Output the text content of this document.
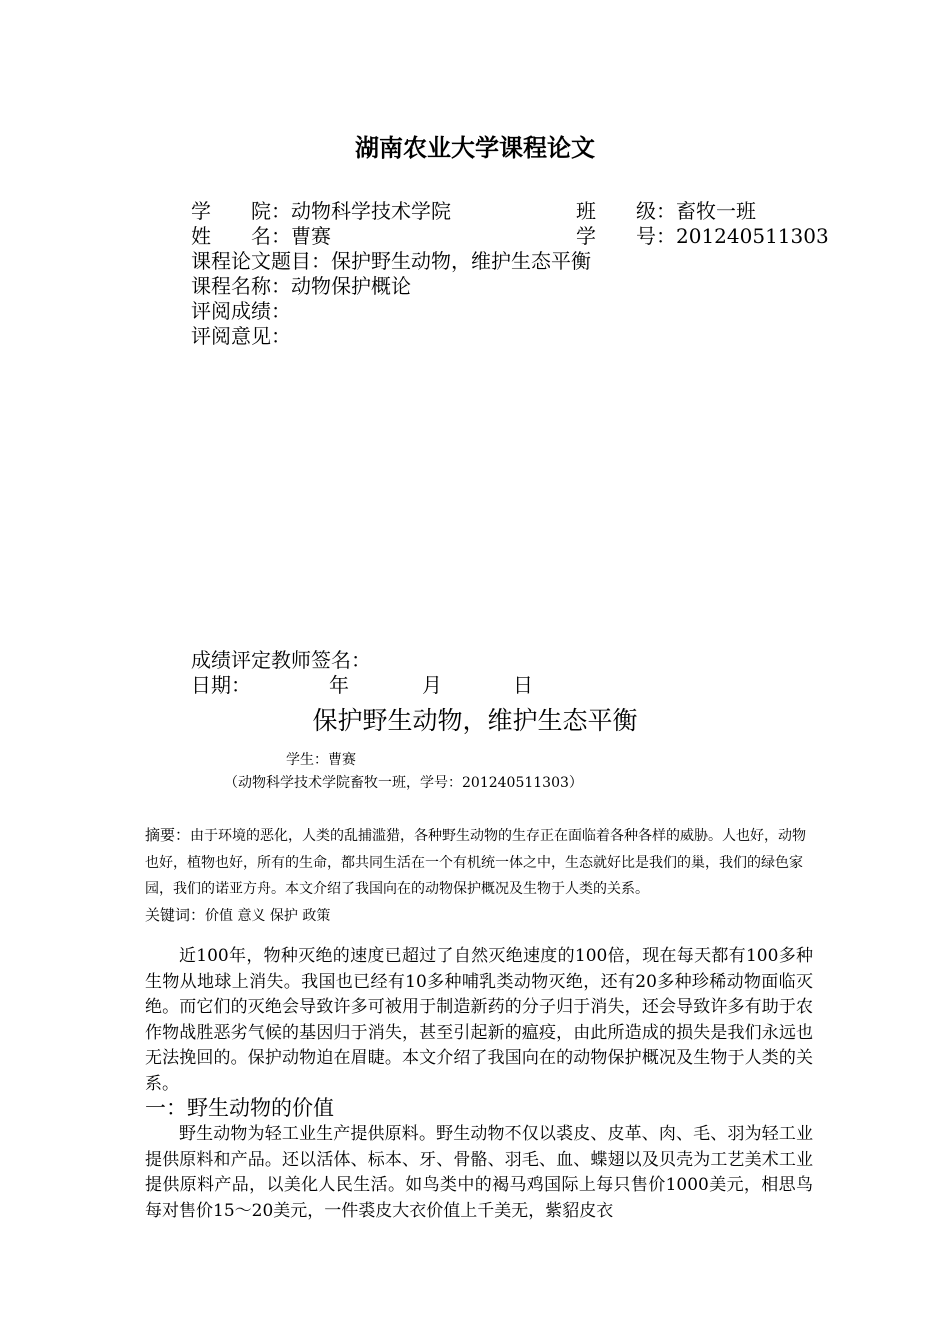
湖南农业大学课程论文
学　　院：动物科学技术学院	班　　级：畜牧一班
姓　　名：曹赛	学　　号：201240511303
课程论文题目：保护野生动物，维护生态平衡
课程名称：动物保护概论
评阅成绩：
评阅意见：
成绩评定教师签名：
日期：	年	月	日
保护野生动物，维护生态平衡
学生：曹赛
（动物科学技术学院畜牧一班，学号：201240511303）

摘要：由于环境的恶化，人类的乱捕滥猎，各种野生动物的生存正在面临着各种各样的威胁。人也好，动物也好，植物也好，所有的生命，都共同生活在一个有机统一体之中，生态就好比是我们的巢，我们的绿色家园，我们的诺亚方舟。本文介绍了我国向在的动物保护概况及生物于人类的关系。

关键词：价值 意义 保护 政策

近100年，物种灭绝的速度已超过了自然灭绝速度的100倍，现在每天都有100多种生物从地球上消失。我国也已经有10多种哺乳类动物灭绝，还有20多种珍稀动物面临灭绝。而它们的灭绝会导致许多可被用于制造新药的分子归于消失，还会导致许多有助于农作物战胜恶劣气候的基因归于消失，甚至引起新的瘟疫，由此所造成的损失是我们永远也无法挽回的。保护动物迫在眉睫。本文介绍了我国向在的动物保护概况及生物于人类的关系。

一：野生动物的价值

野生动物为轻工业生产提供原料。野生动物不仅以裘皮、皮革、肉、毛、羽为轻工业提供原料和产品。还以活体、标本、牙、骨骼、羽毛、血、蝶翅以及贝壳为工艺美术工业提供原料产品，以美化人民生活。如鸟类中的褐马鸡国际上每只售价1000美元，相思鸟每对售价15～20美元，一件裘皮大衣价值上千美无，紫貂皮衣
